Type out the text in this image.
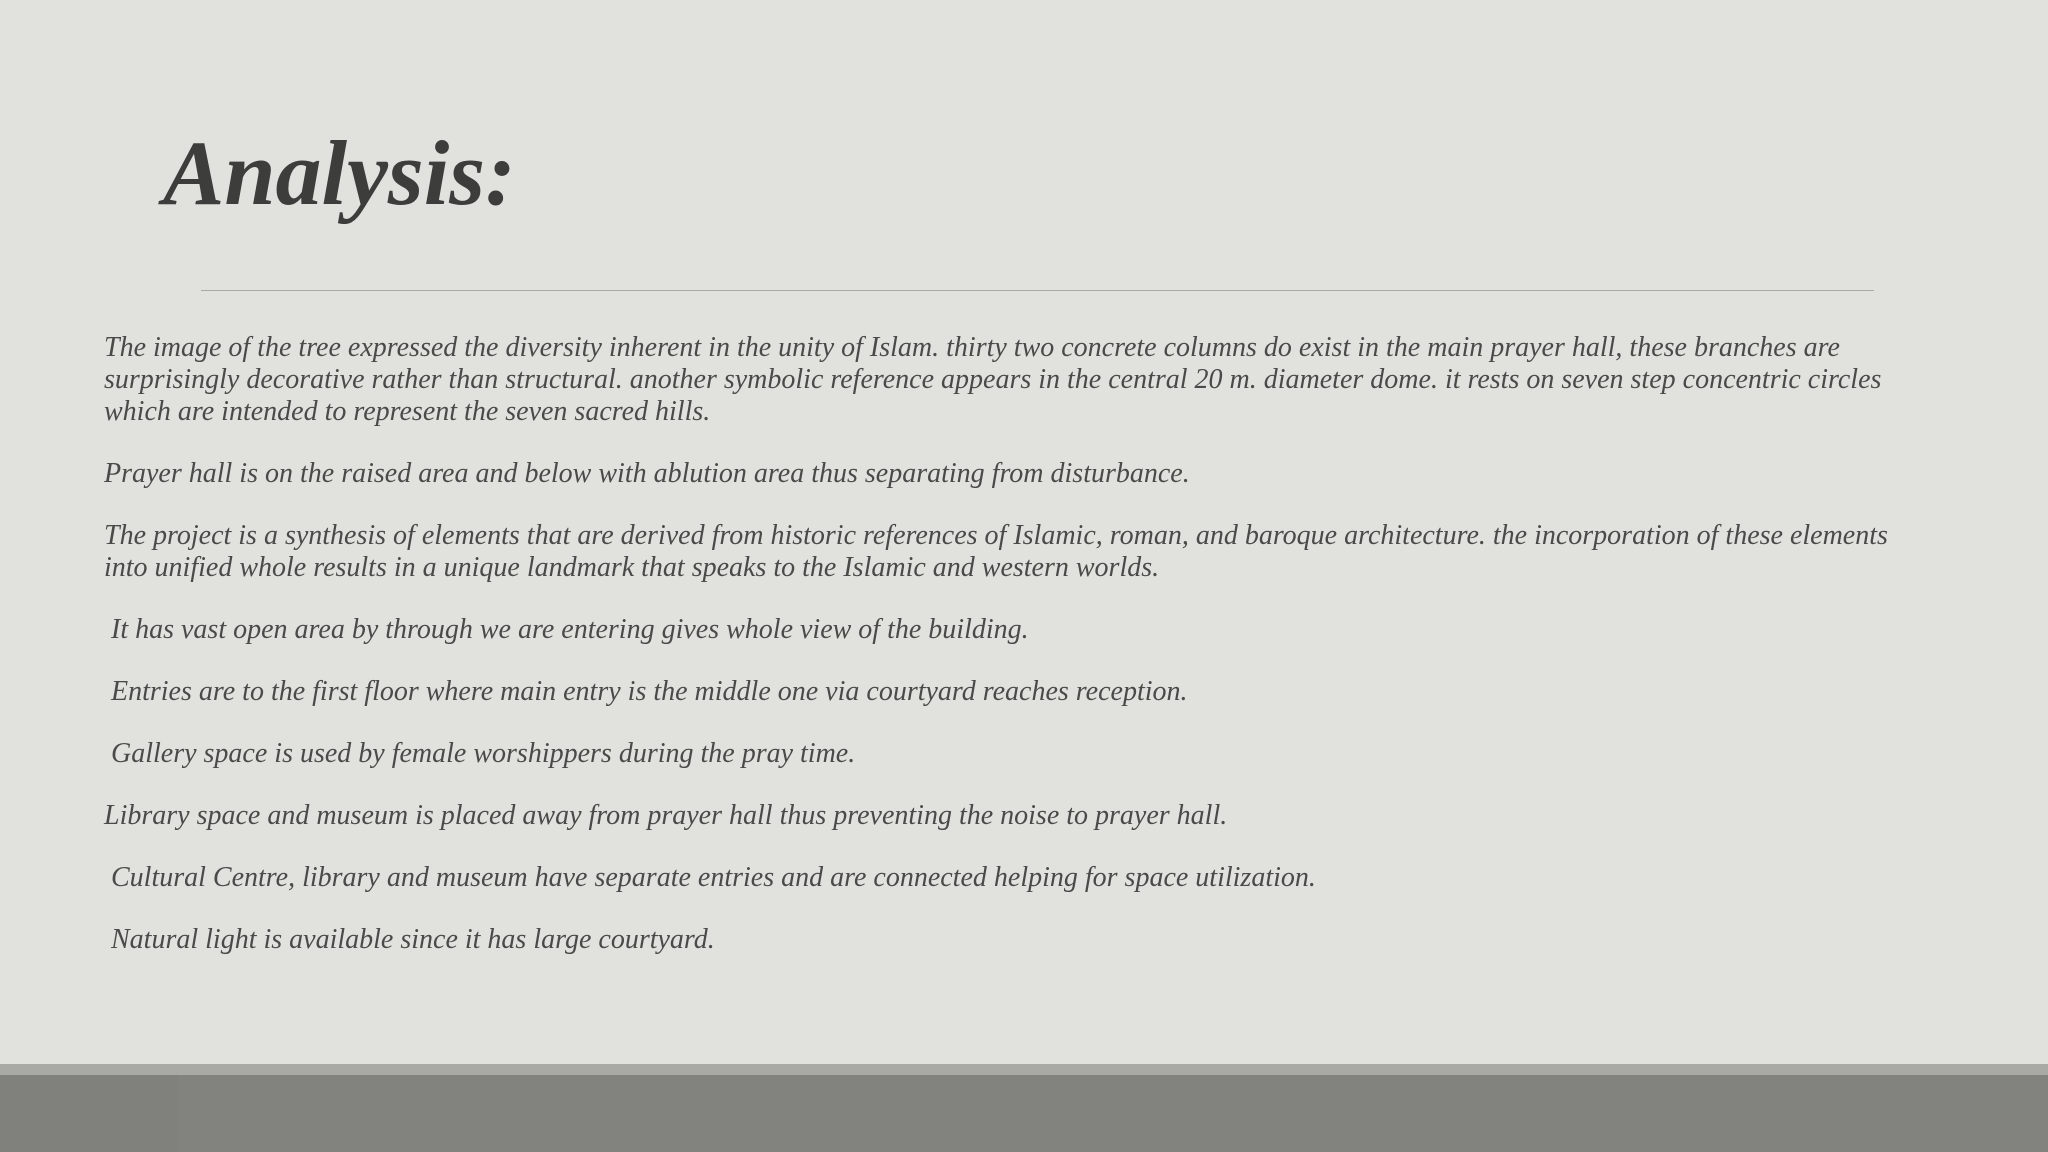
Analysis:

The image of the tree expressed the diversity inherent in the unity of Islam. thirty two concrete columns do exist in the main prayer hall, these branches are surprisingly decorative rather than structural. another symbolic reference appears in the central 20 m. diameter dome. it rests on seven step concentric circles which are intended to represent the seven sacred hills.

Prayer hall is on the raised area and below with ablution area thus separating from disturbance.

The project is a synthesis of elements that are derived from historic references of Islamic, roman, and baroque architecture. the incorporation of these elements into unified whole results in a unique landmark that speaks to the Islamic and western worlds.

It has vast open area by through we are entering gives whole view of the building.

Entries are to the first floor where main entry is the middle one via courtyard reaches reception.

Gallery space is used by female worshippers during the pray time.

Library space and museum is placed away from prayer hall thus preventing the noise to prayer hall.

Cultural Centre, library and museum have separate entries and are connected helping for space utilization.

Natural light is available since it has large courtyard.
